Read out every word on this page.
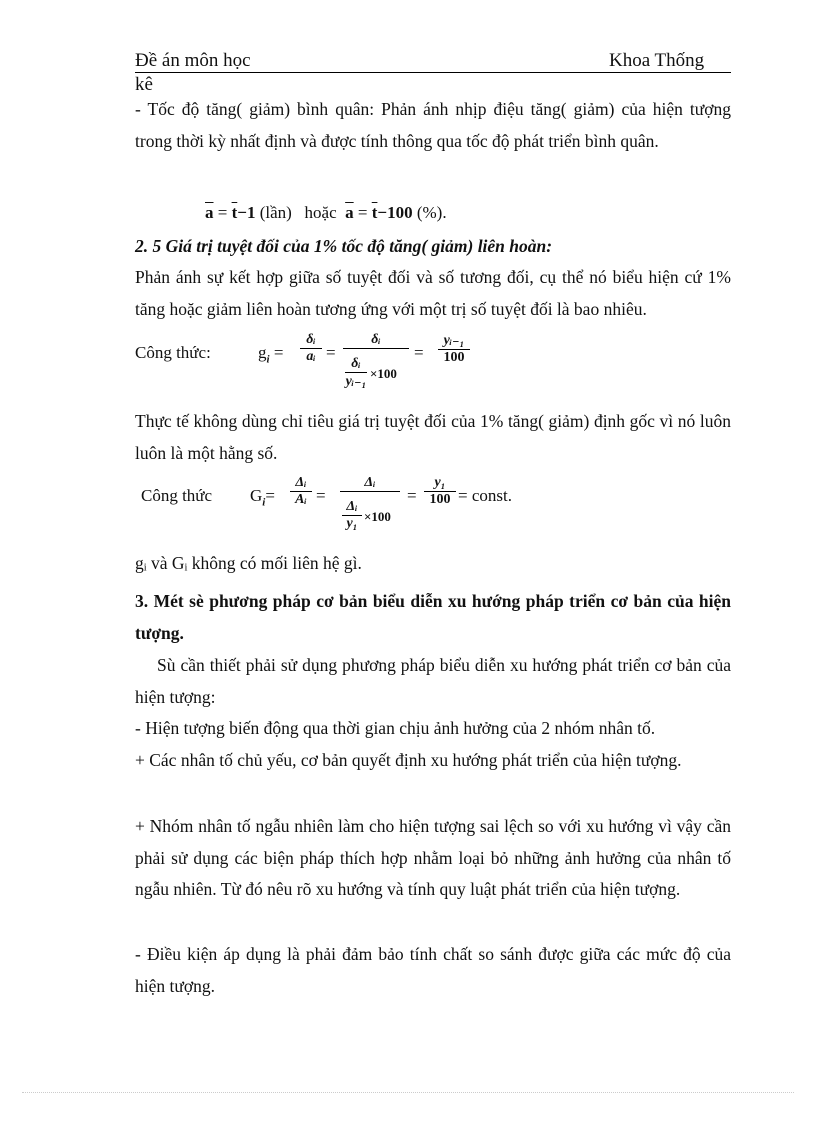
Đề án môn học	Khoa Thống
kê
- Tốc độ tăng( giảm) bình quân: Phản ánh nhịp điệu tăng( giảm) của hiện tượng trong thời kỳ nhất định và được tính thông qua tốc độ phát triển bình quân.
$\overline{a} = \overline{t}-1$ (lần) hoặc $\overline{a} = \overline{t}-100$ (%).
2. 5 Giá trị tuyệt đối của 1% tốc độ tăng( giảm) liên hoàn:
Phản ánh sự kết hợp giữa số tuyệt đối và số tương đối, cụ thể nó biểu hiện cứ 1% tăng hoặc giảm liên hoàn tương ứng với một trị số tuyệt đối là bao nhiêu.
Công thức:	$g_i$ =
δᵢ
aᵢ =
δᵢ
δᵢ
yᵢ₋₁
×100
=
yᵢ₋₁
100
Thực tế không dùng chỉ tiêu giá trị tuyệt đối của 1% tăng( giảm) định gốc vì nó luôn luôn là một hằng số.
Công thức $G_i=$
Δᵢ
Aᵢ =
Δᵢ
Δᵢ
y₁ ×100
=
y₁
100 = const.
gᵢ và Gᵢ không có mối liên hệ gì.
3. Mét sè phương pháp cơ bản biểu diễn xu hướng pháp triển cơ bản của hiện tượng.
Sù cần thiết phải sử dụng phương pháp biểu diễn xu hướng phát triển cơ bản của hiện tượng:
- Hiện tượng biến động qua thời gian chịu ảnh hưởng của 2 nhóm nhân tố.
+ Các nhân tố chủ yếu, cơ bản quyết định xu hướng phát triển của hiện tượng.
+ Nhóm nhân tố ngẫu nhiên làm cho hiện tượng sai lệch so với xu hướng vì vậy cần phải sử dụng các biện pháp thích hợp nhằm loại bỏ những ảnh hưởng của nhân tố ngẫu nhiên. Từ đó nêu rõ xu hướng và tính quy luật phát triển của hiện tượng.
- Điều kiện áp dụng là phải đảm bảo tính chất so sánh được giữa các mức độ của hiện tượng.
